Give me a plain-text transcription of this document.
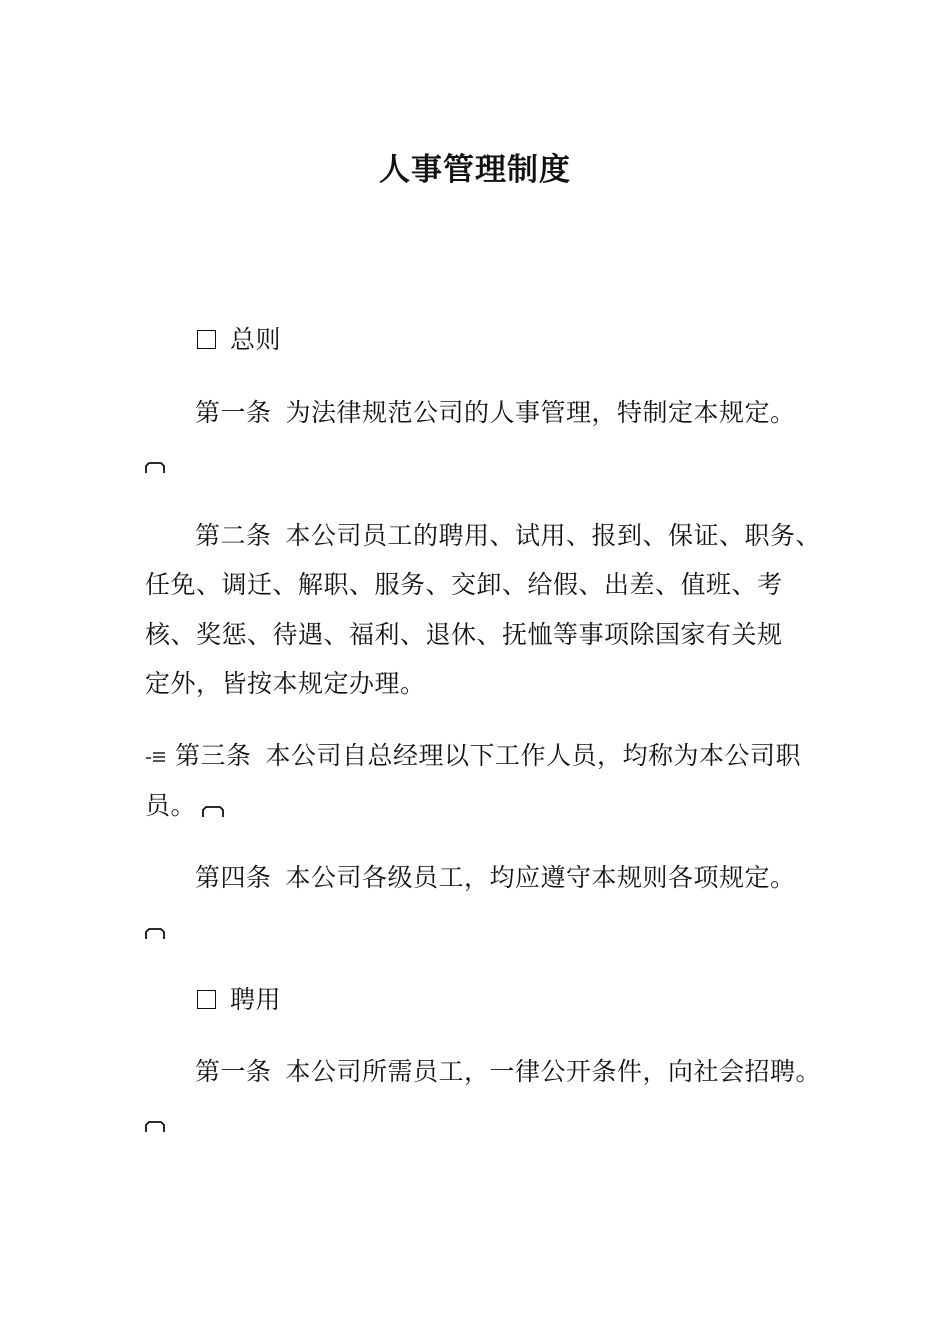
人事管理制度
总则
第一条 为法律规范公司的人事管理，特制定本规定。
第二条 本公司员工的聘用、试用、报到、保证、职务、
任免、调迁、解职、服务、交卸、给假、出差、值班、考
核、奖惩、待遇、福利、退休、抚恤等事项除国家有关规
定外，皆按本规定办理。
第三条 本公司自总经理以下工作人员，均称为本公司职
员。
第四条 本公司各级员工，均应遵守本规则各项规定。
聘用
第一条 本公司所需员工，一律公开条件，向社会招聘。
